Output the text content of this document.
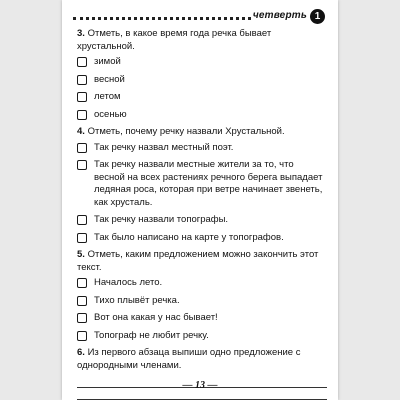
четверть 1

3. Отметь, в какое время года речка бывает хрустальной.

зимой
весной
летом
осенью

4. Отметь, почему речку назвали Хрустальной.

Так речку назвал местный поэт.
Так речку назвали местные жители за то, что весной на всех растениях речного берега выпадает ледяная роса, которая при ветре начинает звенеть, как хрусталь.
Так речку назвали топографы.
Так было написано на карте у топографов.

5. Отметь, каким предложением можно закончить этот текст.

Началось лето.
Тихо плывёт речка.
Вот она какая у нас бывает!
Топограф не любит речку.

6. Из первого абзаца выпиши одно предложение с однородными членами.

— 13 —
